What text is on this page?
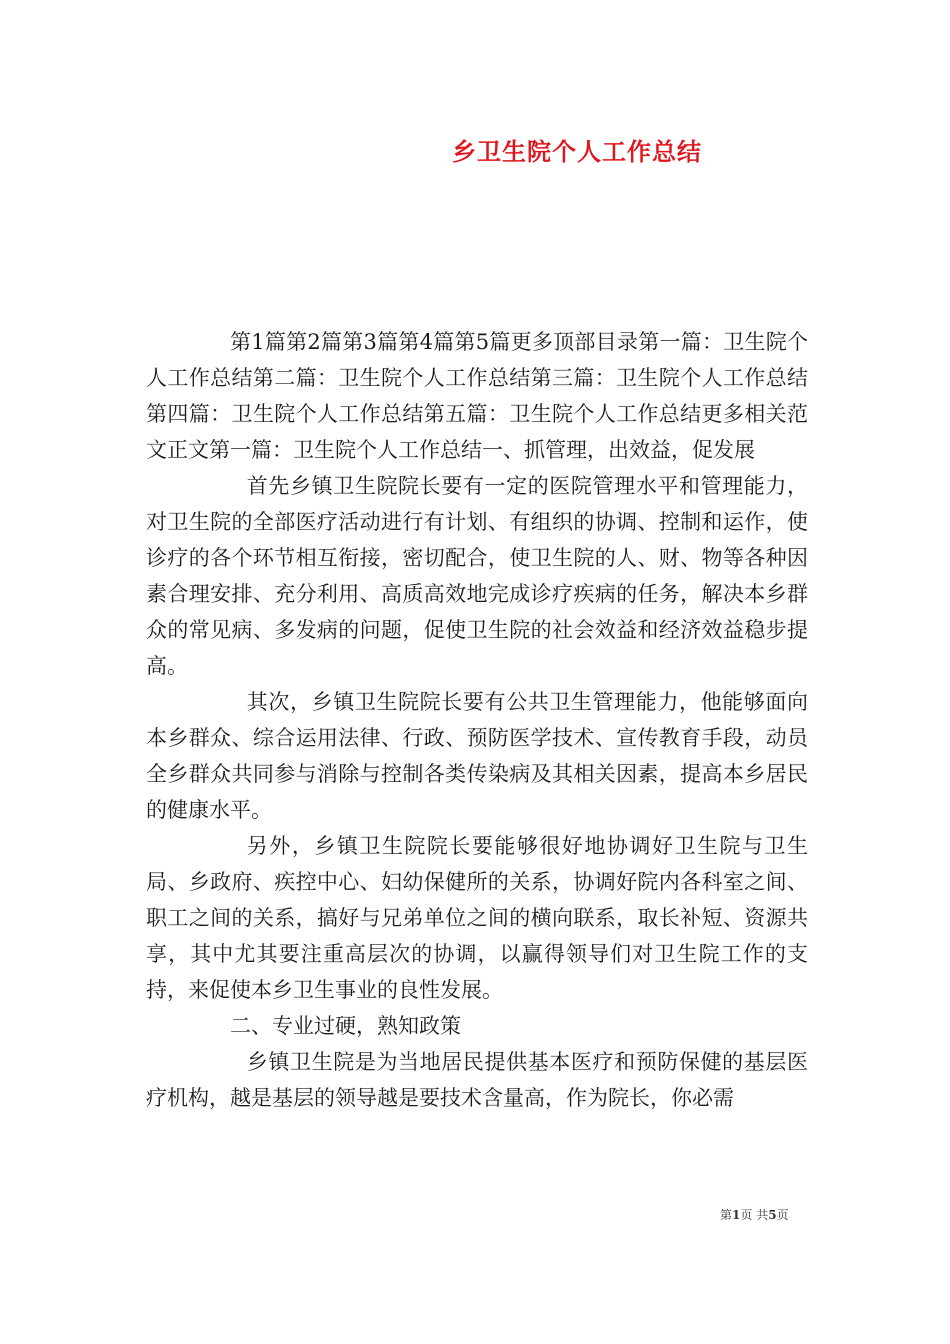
乡卫生院个人工作总结

第1篇第2篇第3篇第4篇第5篇更多顶部目录第一篇：卫生院个人工作总结第二篇：卫生院个人工作总结第三篇：卫生院个人工作总结第四篇：卫生院个人工作总结第五篇：卫生院个人工作总结更多相关范文正文第一篇：卫生院个人工作总结一、抓管理，出效益，促发展

首先乡镇卫生院院长要有一定的医院管理水平和管理能力，对卫生院的全部医疗活动进行有计划、有组织的协调、控制和运作，使诊疗的各个环节相互衔接，密切配合，使卫生院的人、财、物等各种因素合理安排、充分利用、高质高效地完成诊疗疾病的任务，解决本乡群众的常见病、多发病的问题，促使卫生院的社会效益和经济效益稳步提高。

其次，乡镇卫生院院长要有公共卫生管理能力，他能够面向本乡群众、综合运用法律、行政、预防医学技术、宣传教育手段，动员全乡群众共同参与消除与控制各类传染病及其相关因素，提高本乡居民的健康水平。

另外，乡镇卫生院院长要能够很好地协调好卫生院与卫生局、乡政府、疾控中心、妇幼保健所的关系，协调好院内各科室之间、职工之间的关系，搞好与兄弟单位之间的横向联系，取长补短、资源共享，其中尤其要注重高层次的协调，以赢得领导们对卫生院工作的支持，来促使本乡卫生事业的良性发展。

二、专业过硬，熟知政策

乡镇卫生院是为当地居民提供基本医疗和预防保健的基层医疗机构，越是基层的领导越是要技术含量高，作为院长，你必需

第1页 共5页
